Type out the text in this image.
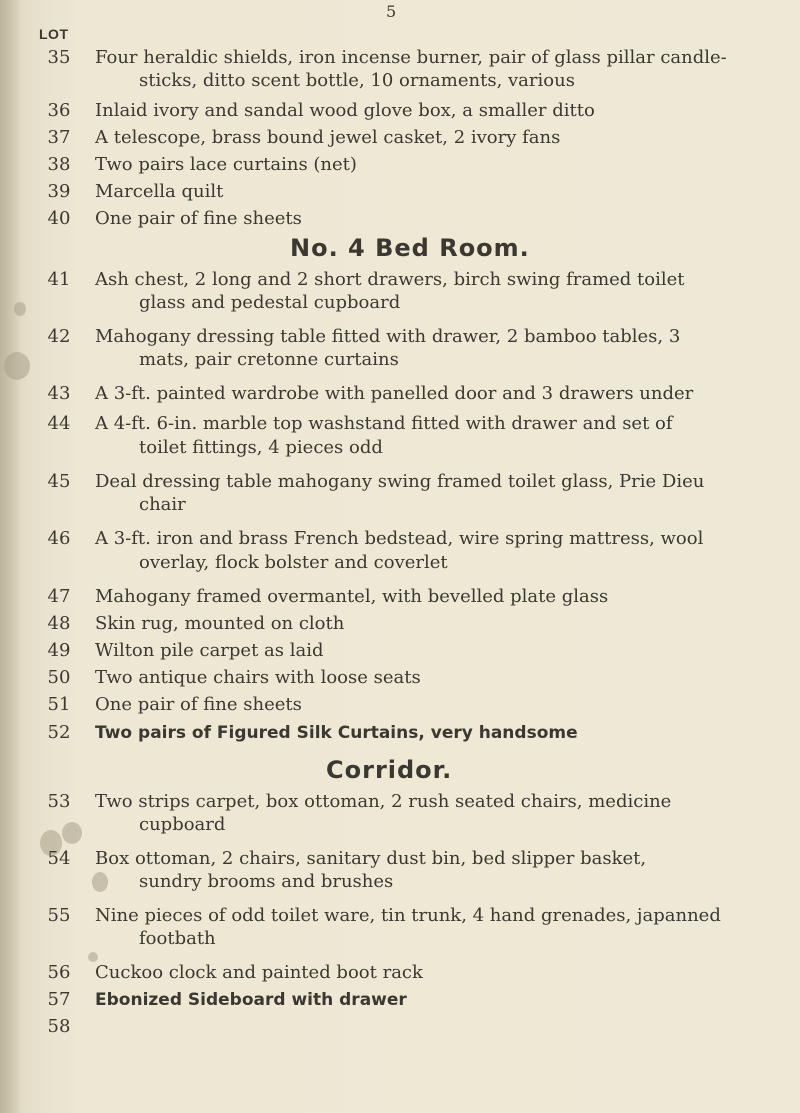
5
LOT
35	Four heraldic shields, iron incense burner, pair of glass pillar candle-
sticks, ditto scent bottle, 10 ornaments, various
36	Inlaid ivory and sandal wood glove box, a smaller ditto
37	A telescope, brass bound jewel casket, 2 ivory fans
38	Two pairs lace curtains (net)
39	Marcella quilt
40	One pair of fine sheets
No. 4 Bed Room.
41	Ash chest, 2 long and 2 short drawers, birch swing framed toilet
glass and pedestal cupboard
42	Mahogany dressing table fitted with drawer, 2 bamboo tables, 3
mats, pair cretonne curtains
43	A 3-ft. painted wardrobe with panelled door and 3 drawers under
44	A 4-ft. 6-in. marble top washstand fitted with drawer and set of
toilet fittings, 4 pieces odd
45	Deal dressing table mahogany swing framed toilet glass, Prie Dieu
chair
46	A 3-ft. iron and brass French bedstead, wire spring mattress, wool
overlay, flock bolster and coverlet
47	Mahogany framed overmantel, with bevelled plate glass
48	Skin rug, mounted on cloth
49	Wilton pile carpet as laid
50	Two antique chairs with loose seats
51	One pair of fine sheets
52	Two pairs of Figured Silk Curtains, very handsome
Corridor.
53	Two strips carpet, box ottoman, 2 rush seated chairs, medicine
cupboard
54	Box ottoman, 2 chairs, sanitary dust bin, bed slipper basket,
sundry brooms and brushes
55	Nine pieces of odd toilet ware, tin trunk, 4 hand grenades, japanned
footbath
56	Cuckoo clock and painted boot rack
57	Ebonized Sideboard with drawer
58
